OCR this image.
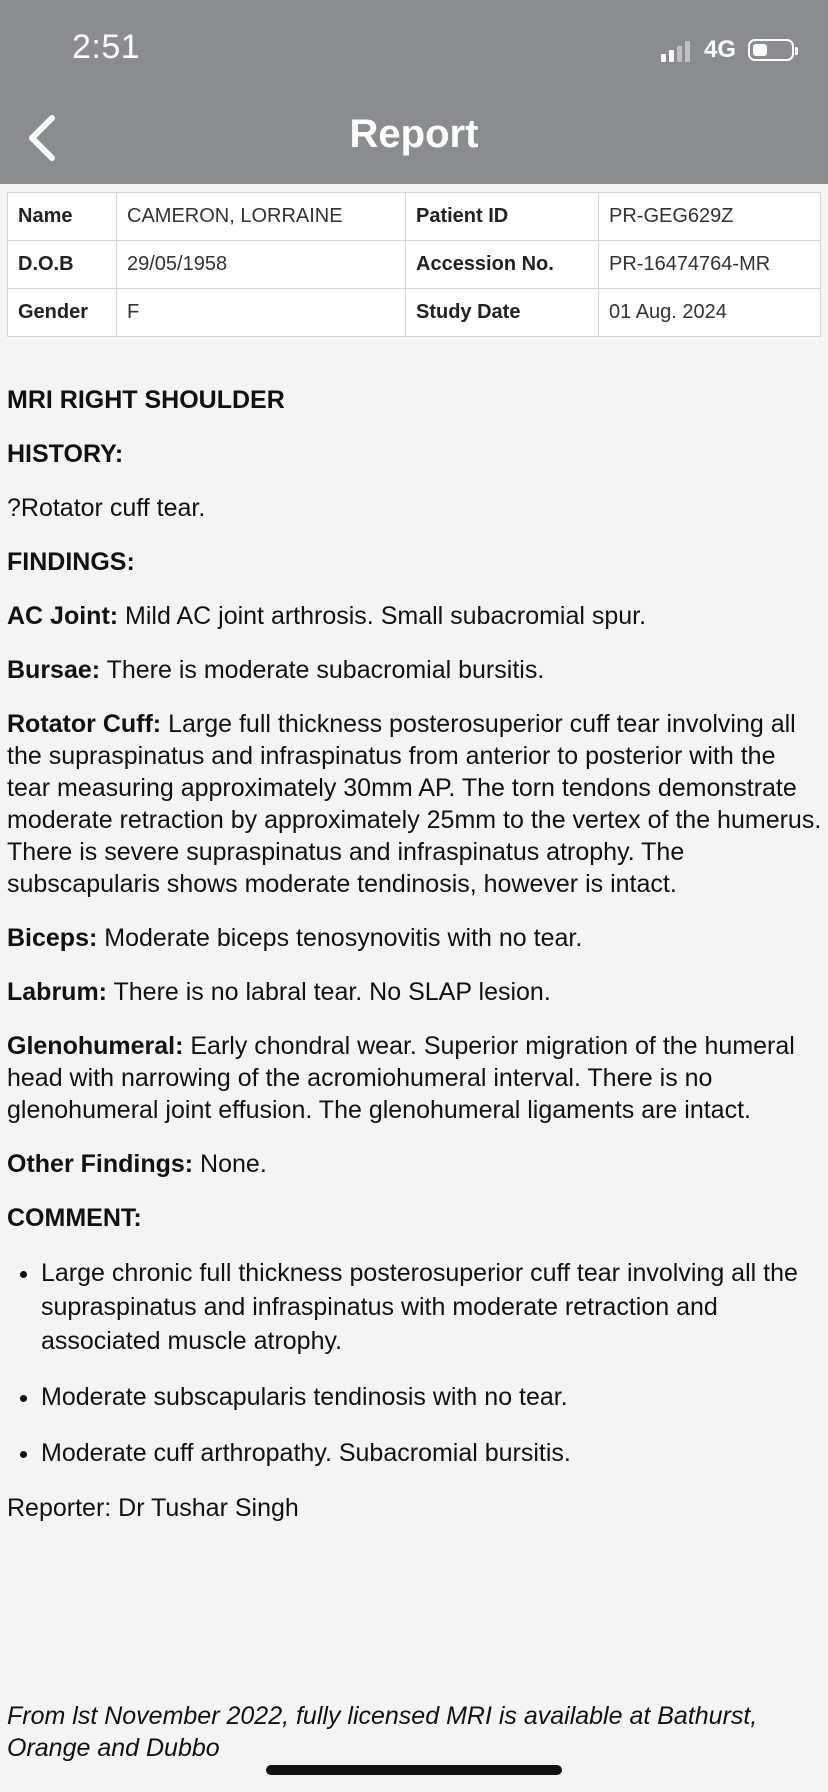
2:51	4G
Report
Name	CAMERON, LORRAINE	Patient ID	PR-GEG629Z
D.O.B	29/05/1958	Accession No.	PR-16474764-MR
Gender	F	Study Date	01 Aug. 2024

MRI RIGHT SHOULDER

HISTORY:

?Rotator cuff tear.

FINDINGS:

AC Joint: Mild AC joint arthrosis. Small subacromial spur.

Bursae: There is moderate subacromial bursitis.

Rotator Cuff: Large full thickness posterosuperior cuff tear involving all the supraspinatus and infraspinatus from anterior to posterior with the tear measuring approximately 30mm AP. The torn tendons demonstrate moderate retraction by approximately 25mm to the vertex of the humerus. There is severe supraspinatus and infraspinatus atrophy. The subscapularis shows moderate tendinosis, however is intact.

Biceps: Moderate biceps tenosynovitis with no tear.

Labrum: There is no labral tear. No SLAP lesion.

Glenohumeral: Early chondral wear. Superior migration of the humeral head with narrowing of the acromiohumeral interval. There is no glenohumeral joint effusion. The glenohumeral ligaments are intact.

Other Findings: None.

COMMENT:

• Large chronic full thickness posterosuperior cuff tear involving all the supraspinatus and infraspinatus with moderate retraction and associated muscle atrophy.
• Moderate subscapularis tendinosis with no tear.
• Moderate cuff arthropathy. Subacromial bursitis.

Reporter: Dr Tushar Singh

From lst November 2022, fully licensed MRI is available at Bathurst, Orange and Dubbo
